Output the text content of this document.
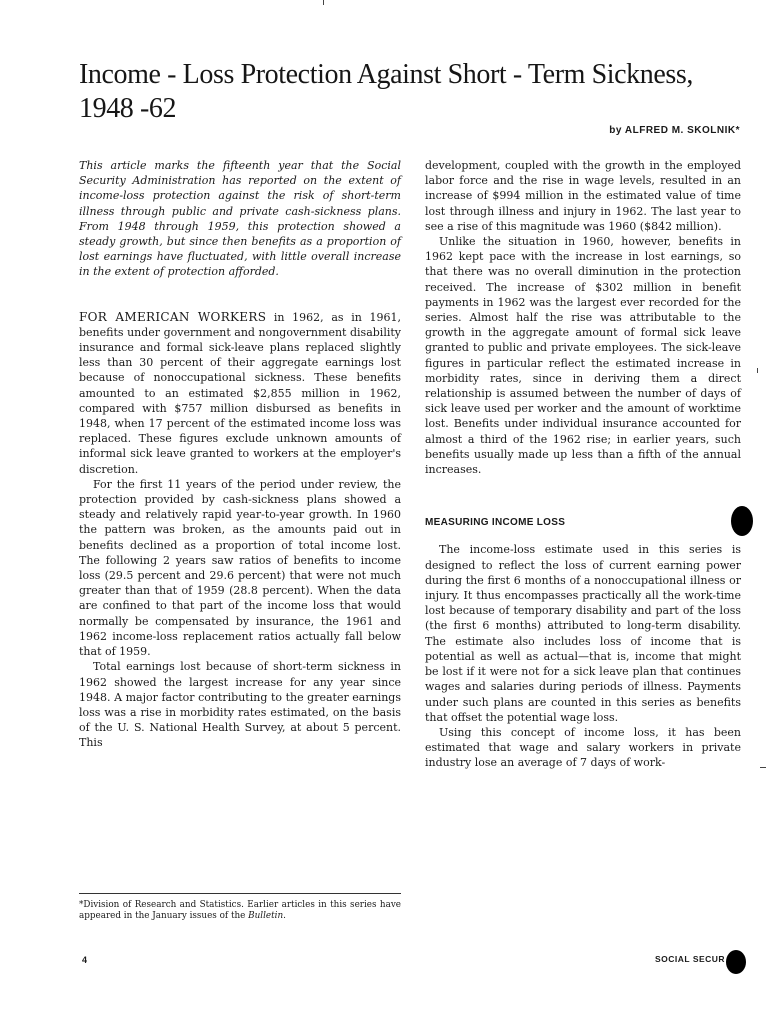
Income - Loss Protection Against Short - Term Sickness, 1948 -62
by ALFRED M. SKOLNIK*

This article marks the fifteenth year that the Social Security Administration has reported on the extent of income-loss protection against the risk of short-term illness through public and private cash-sickness plans. From 1948 through 1959, this protection showed a steady growth, but since then benefits as a proportion of lost earnings have fluctuated, with little overall increase in the extent of protection afforded.

FOR AMERICAN WORKERS in 1962, as in 1961, benefits under government and nongovernment disability insurance and formal sick-leave plans replaced slightly less than 30 percent of their aggregate earnings lost because of nonoccupational sickness. These benefits amounted to an estimated $2,855 million in 1962, compared with $757 million disbursed as benefits in 1948, when 17 percent of the estimated income loss was replaced. These figures exclude unknown amounts of informal sick leave granted to workers at the employer's discretion.

For the first 11 years of the period under review, the protection provided by cash-sickness plans showed a steady and relatively rapid year-to-year growth. In 1960 the pattern was broken, as the amounts paid out in benefits declined as a proportion of total income lost. The following 2 years saw ratios of benefits to income loss (29.5 percent and 29.6 percent) that were not much greater than that of 1959 (28.8 percent). When the data are confined to that part of the income loss that would normally be compensated by insurance, the 1961 and 1962 income-loss replacement ratios actually fall below that of 1959.

Total earnings lost because of short-term sickness in 1962 showed the largest increase for any year since 1948. A major factor contributing to the greater earnings loss was a rise in morbidity rates estimated, on the basis of the U. S. National Health Survey, at about 5 percent. This

development, coupled with the growth in the employed labor force and the rise in wage levels, resulted in an increase of $994 million in the estimated value of time lost through illness and injury in 1962. The last year to see a rise of this magnitude was 1960 ($842 million).

Unlike the situation in 1960, however, benefits in 1962 kept pace with the increase in lost earnings, so that there was no overall diminution in the protection received. The increase of $302 million in benefit payments in 1962 was the largest ever recorded for the series. Almost half the rise was attributable to the growth in the aggregate amount of formal sick leave granted to public and private employees. The sick-leave figures in particular reflect the estimated increase in morbidity rates, since in deriving them a direct relationship is assumed between the number of days of sick leave used per worker and the amount of worktime lost. Benefits under individual insurance accounted for almost a third of the 1962 rise; in earlier years, such benefits usually made up less than a fifth of the annual increases.

MEASURING INCOME LOSS

The income-loss estimate used in this series is designed to reflect the loss of current earning power during the first 6 months of a nonoccupational illness or injury. It thus encompasses practically all the work-time lost because of temporary disability and part of the loss (the first 6 months) attributed to long-term disability. The estimate also includes loss of income that is potential as well as actual—that is, income that might be lost if it were not for a sick leave plan that continues wages and salaries during periods of illness. Payments under such plans are counted in this series as benefits that offset the potential wage loss.

Using this concept of income loss, it has been estimated that wage and salary workers in private industry lose an average of 7 days of work-

*Division of Research and Statistics. Earlier articles in this series have appeared in the January issues of the Bulletin.
4	SOCIAL SECUR
